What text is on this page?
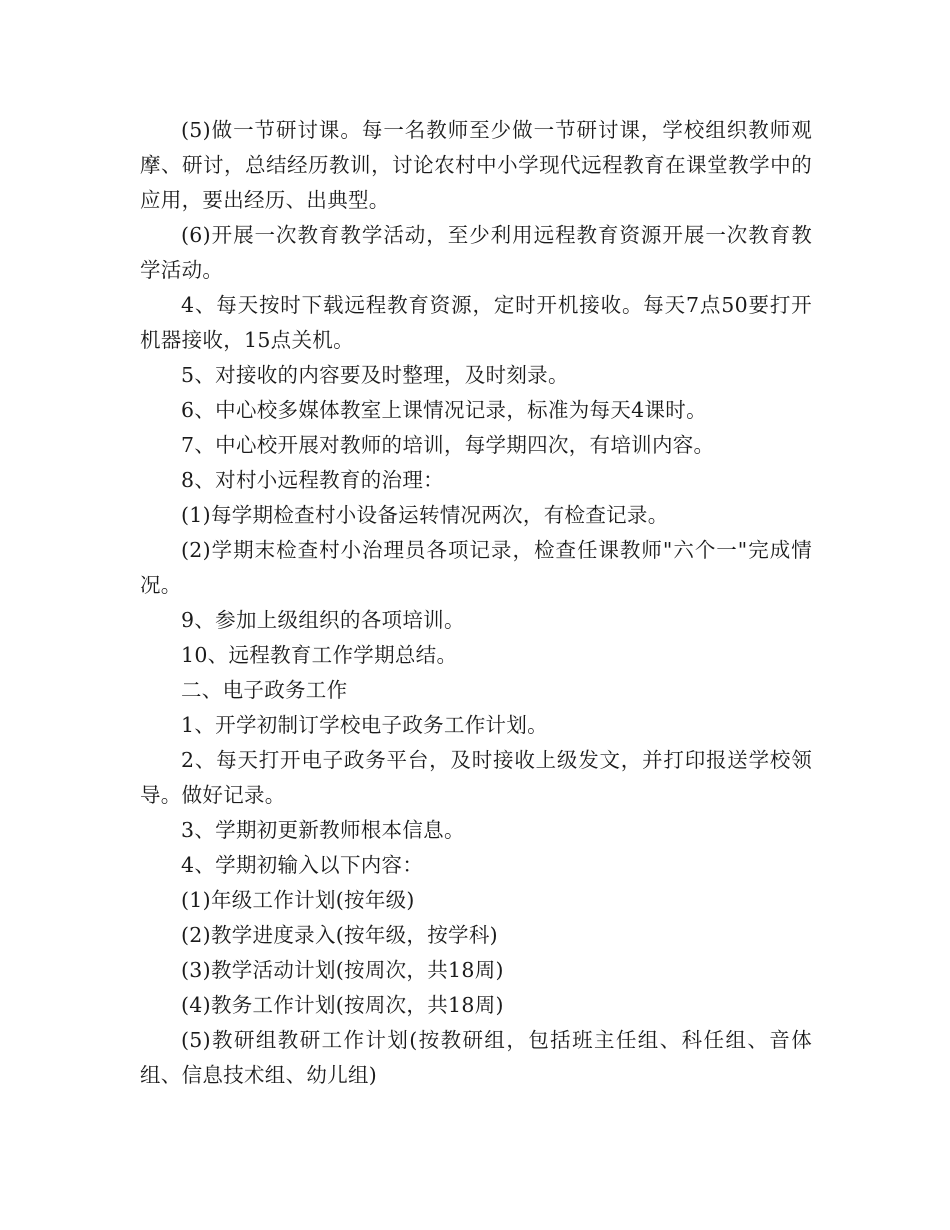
(5)做一节研讨课。每一名教师至少做一节研讨课，学校组织教师观摩、研讨，总结经历教训，讨论农村中小学现代远程教育在课堂教学中的应用，要出经历、出典型。

(6)开展一次教育教学活动，至少利用远程教育资源开展一次教育教学活动。

4、每天按时下载远程教育资源，定时开机接收。每天7点50要打开机器接收，15点关机。

5、对接收的内容要及时整理，及时刻录。

6、中心校多媒体教室上课情况记录，标准为每天4课时。

7、中心校开展对教师的培训，每学期四次，有培训内容。

8、对村小远程教育的治理：

(1)每学期检查村小设备运转情况两次，有检查记录。

(2)学期末检查村小治理员各项记录，检查任课教师"六个一"完成情况。

9、参加上级组织的各项培训。

10、远程教育工作学期总结。

二、电子政务工作

1、开学初制订学校电子政务工作计划。

2、每天打开电子政务平台，及时接收上级发文，并打印报送学校领导。做好记录。

3、学期初更新教师根本信息。

4、学期初输入以下内容：

(1)年级工作计划(按年级)

(2)教学进度录入(按年级，按学科)

(3)教学活动计划(按周次，共18周)

(4)教务工作计划(按周次，共18周)

(5)教研组教研工作计划(按教研组，包括班主任组、科任组、音体组、信息技术组、幼儿组)
